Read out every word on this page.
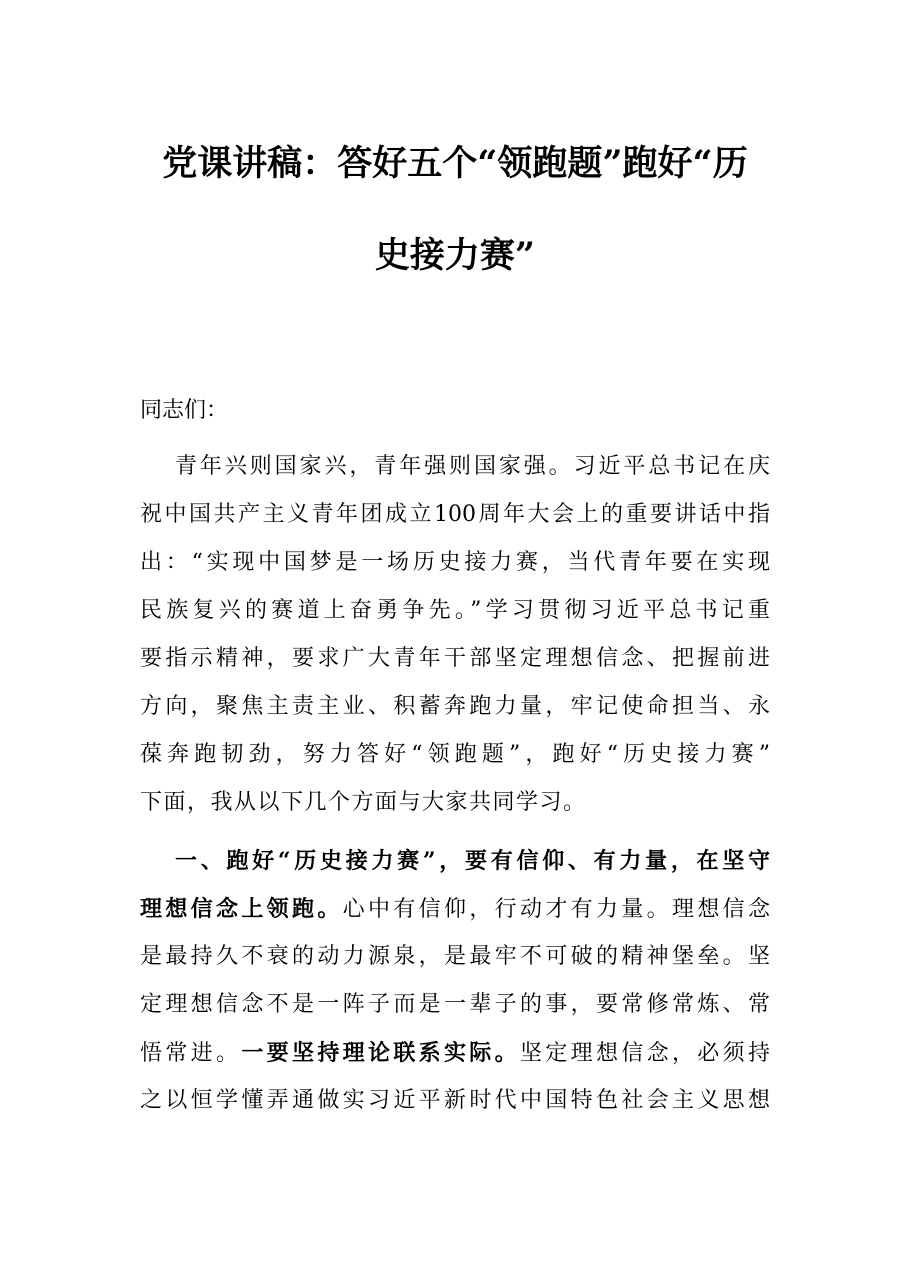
党课讲稿：答好五个“领跑题”跑好“历
史接力赛”
同志们：
青年兴则国家兴，青年强则国家强。习近平总书记在庆
祝中国共产主义青年团成立100周年大会上的重要讲话中指
出：“实现中国梦是一场历史接力赛，当代青年要在实现
民族复兴的赛道上奋勇争先。”学习贯彻习近平总书记重
要指示精神，要求广大青年干部坚定理想信念、把握前进
方向，聚焦主责主业、积蓄奔跑力量，牢记使命担当、永
葆奔跑韧劲，努力答好“领跑题”，跑好“历史接力赛”
下面，我从以下几个方面与大家共同学习。
一、跑好“历史接力赛”，要有信仰、有力量，在坚守
理想信念上领跑。心中有信仰，行动才有力量。理想信念
是最持久不衰的动力源泉，是最牢不可破的精神堡垒。坚
定理想信念不是一阵子而是一辈子的事，要常修常炼、常
悟常进。一要坚持理论联系实际。坚定理想信念，必须持
之以恒学懂弄通做实习近平新时代中国特色社会主义思想
